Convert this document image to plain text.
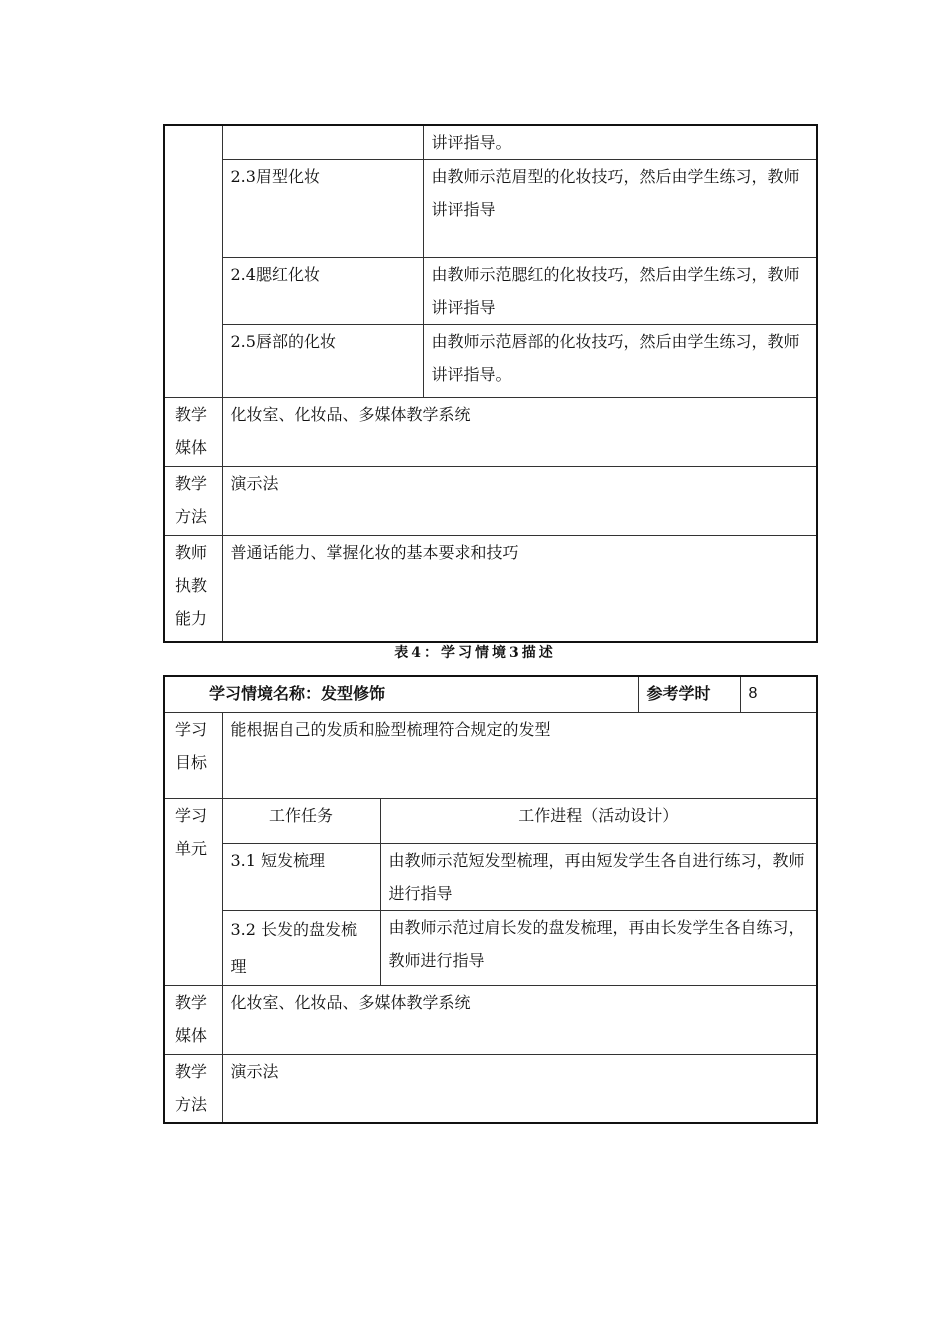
		讲评指导。
	2.3眉型化妆	由教师示范眉型的化妆技巧，然后由学生练习，教师讲评指导
	2.4腮红化妆	由教师示范腮红的化妆技巧，然后由学生练习，教师讲评指导
	2.5唇部的化妆	由教师示范唇部的化妆技巧，然后由学生练习，教师讲评指导。
教学媒体	化妆室、化妆品、多媒体教学系统	
教学方法	演示法	
教师执教能力	普通话能力、掌握化妆的基本要求和技巧	
表4：学习情境3描述
学习情境名称：发型修饰			参考学时	8
学习目标	能根据自己的发质和脸型梳理符合规定的发型			
学习单元	工作任务	工作进程（活动设计）		
	3.1 短发梳理	由教师示范短发型梳理，再由短发学生各自进行练习，教师进行指导		
	3.2 长发的盘发梳理	由教师示范过肩长发的盘发梳理，再由长发学生各自练习，教师进行指导		
教学媒体	化妆室、化妆品、多媒体教学系统			
教学方法	演示法			
